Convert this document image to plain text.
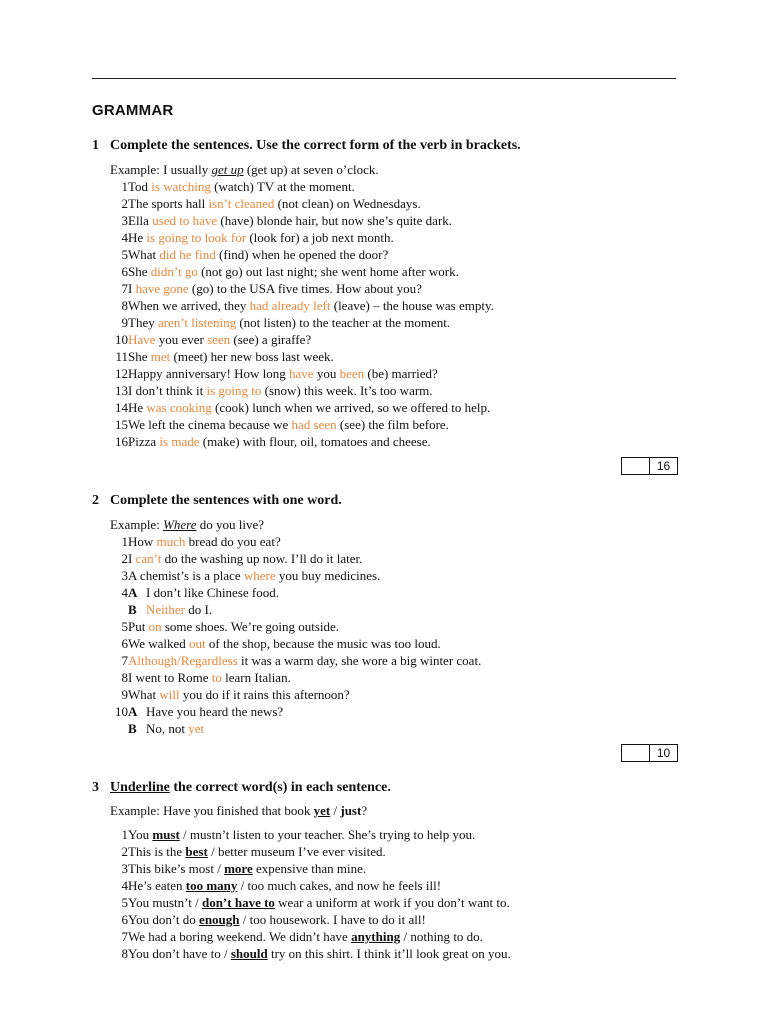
GRAMMAR
1 Complete the sentences. Use the correct form of the verb in brackets.
Example: I usually get up (get up) at seven o’clock.
1 Tod is watching (watch) TV at the moment.
2 The sports hall isn’t cleaned (not clean) on Wednesdays.
3 Ella used to have (have) blonde hair, but now she’s quite dark.
4 He is going to look for (look for) a job next month.
5 What did he find (find) when he opened the door?
6 She didn’t go (not go) out last night; she went home after work.
7 I have gone (go) to the USA five times. How about you?
8 When we arrived, they had already left (leave) – the house was empty.
9 They aren’t listening (not listen) to the teacher at the moment.
10 Have you ever seen (see) a giraffe?
11 She met (meet) her new boss last week.
12 Happy anniversary! How long have you been (be) married?
13 I don’t think it is going to (snow) this week. It’s too warm.
14 He was cooking (cook) lunch when we arrived, so we offered to help.
15 We left the cinema because we had seen (see) the film before.
16 Pizza is made (make) with flour, oil, tomatoes and cheese.
16
2 Complete the sentences with one word.
Example: Where do you live?
1 How much bread do you eat?
2 I can’t do the washing up now. I’ll do it later.
3 A chemist’s is a place where you buy medicines.
4 A I don’t like Chinese food.
B Neither do I.
5 Put on some shoes. We’re going outside.
6 We walked out of the shop, because the music was too loud.
7 Although/Regardless it was a warm day, she wore a big winter coat.
8 I went to Rome to learn Italian.
9 What will you do if it rains this afternoon?
10 A Have you heard the news?
B No, not yet
10
3 Underline the correct word(s) in each sentence.
Example: Have you finished that book yet / just?
1 You must / mustn’t listen to your teacher. She’s trying to help you.
2 This is the best / better museum I’ve ever visited.
3 This bike’s most / more expensive than mine.
4 He’s eaten too many / too much cakes, and now he feels ill!
5 You mustn’t / don’t have to wear a uniform at work if you don’t want to.
6 You don’t do enough / too housework. I have to do it all!
7 We had a boring weekend. We didn’t have anything / nothing to do.
8 You don’t have to / should try on this shirt. I think it’ll look great on you.
